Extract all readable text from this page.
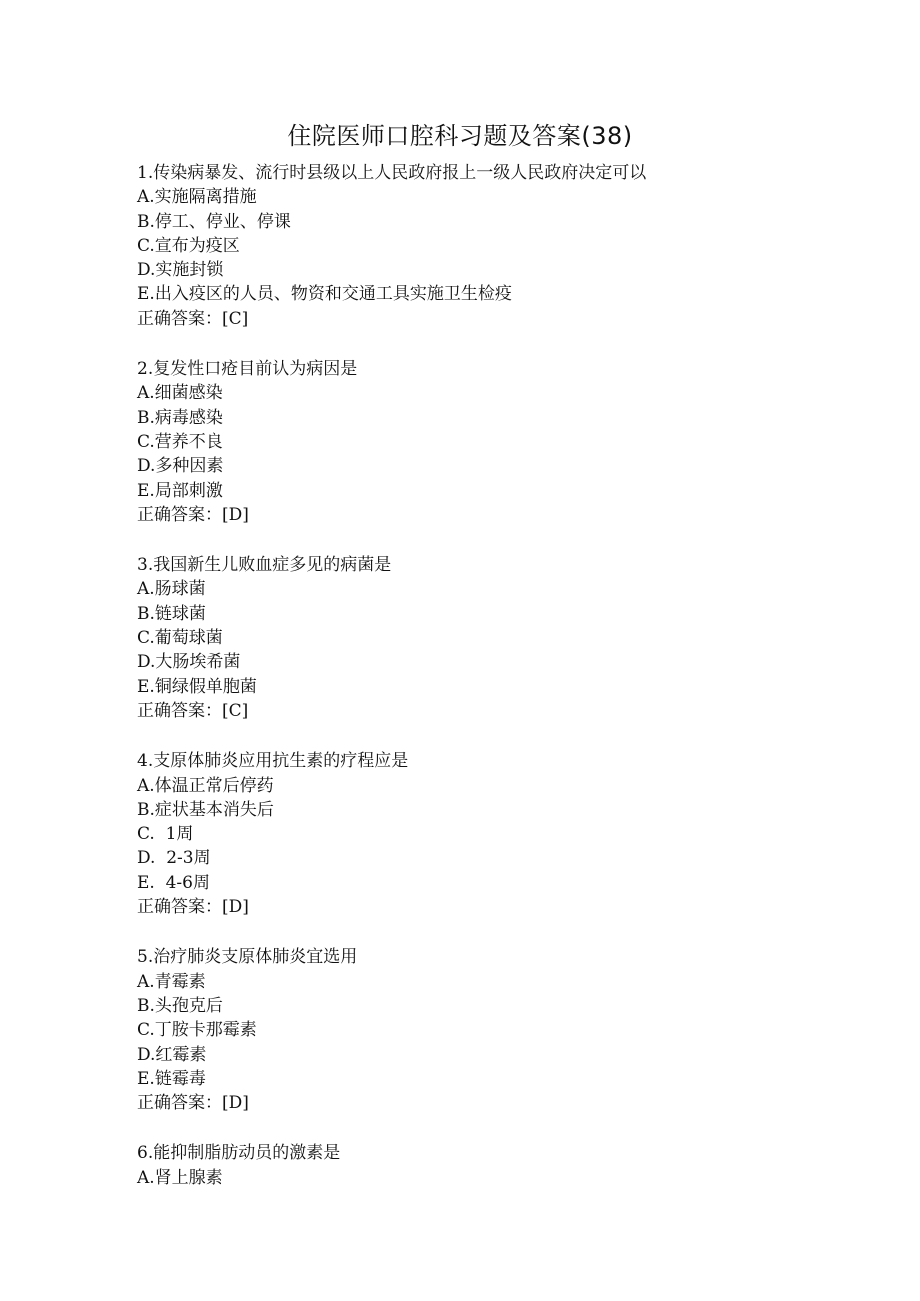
住院医师口腔科习题及答案(38)
1.传染病暴发、流行时县级以上人民政府报上一级人民政府决定可以
A.实施隔离措施
B.停工、停业、停课
C.宣布为疫区
D.实施封锁
E.出入疫区的人员、物资和交通工具实施卫生检疫
正确答案：[C]
2.复发性口疮目前认为病因是
A.细菌感染
B.病毒感染
C.营养不良
D.多种因素
E.局部刺激
正确答案：[D]
3.我国新生儿败血症多见的病菌是
A.肠球菌
B.链球菌
C.葡萄球菌
D.大肠埃希菌
E.铜绿假单胞菌
正确答案：[C]
4.支原体肺炎应用抗生素的疗程应是
A.体温正常后停药
B.症状基本消失后
C.  1周
D.  2-3周
E.  4-6周
正确答案：[D]
5.治疗肺炎支原体肺炎宜选用
A.青霉素
B.头孢克后
C.丁胺卡那霉素
D.红霉素
E.链霉毒
正确答案：[D]
6.能抑制脂肪动员的激素是
A.肾上腺素
